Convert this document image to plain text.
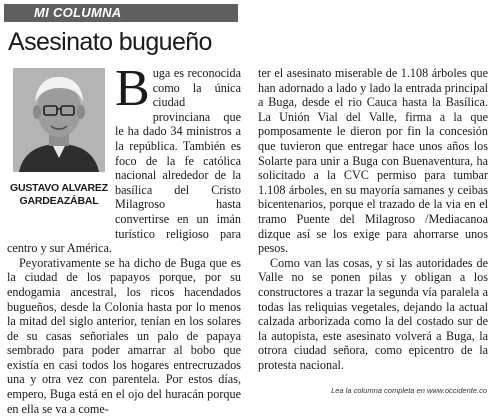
MI COLUMNA
Asesinato bugueño
GUSTAVO ALVAREZ
GARDEAZÁBAL

Buga es reconocida como la única ciudad provinciana que le ha dado 34 ministros a la república. También es foco de la fe católica nacional alrededor de la basílica del Cristo Milagroso hasta convertirse en un imán turístico religioso para centro y sur América.

Peyorativamente se ha dicho de Buga que es la ciudad de los papayos porque, por su endogamia ancestral, los ricos hacendados bugueños, desde la Colonia hasta por lo menos la mitad del siglo anterior, tenían en los solares de su casas señoriales un palo de papaya sembrado para poder amarrar al bobo que existía en casi todos los hogares entrecruzados una y otra vez con parentela. Por estos días, empero, Buga está en el ojo del huracán porque en ella se va a come-

ter el asesinato miserable de 1.108 árboles que han adornado a lado y lado la entrada principal a Buga, desde el rio Cauca hasta la Basílica. La Unión Vial del Valle, firma a la que pomposamente le dieron por fin la concesión que tuvieron que entregar hace unos años los Solarte para unir a Buga con Buenaventura, ha solicitado a la CVC permiso para tumbar 1.108 árboles, en su mayoría samanes y ceibas bicentenarios, porque el trazado de la via en el tramo Puente del Milagroso /Mediacanoa dizque así se los exige para ahorrarse unos pesos.

Como van las cosas, y si las autoridades de Valle no se ponen pilas y obligan a los constructores a trazar la segunda vía paralela a todas las reliquias vegetales, dejando la actual calzada arborizada como la del costado sur de la autopista, este asesinato volverá a Buga, la otrora ciudad señora, como epicentro de la protesta nacional.

Lea la columna completa en www.occidente.co
